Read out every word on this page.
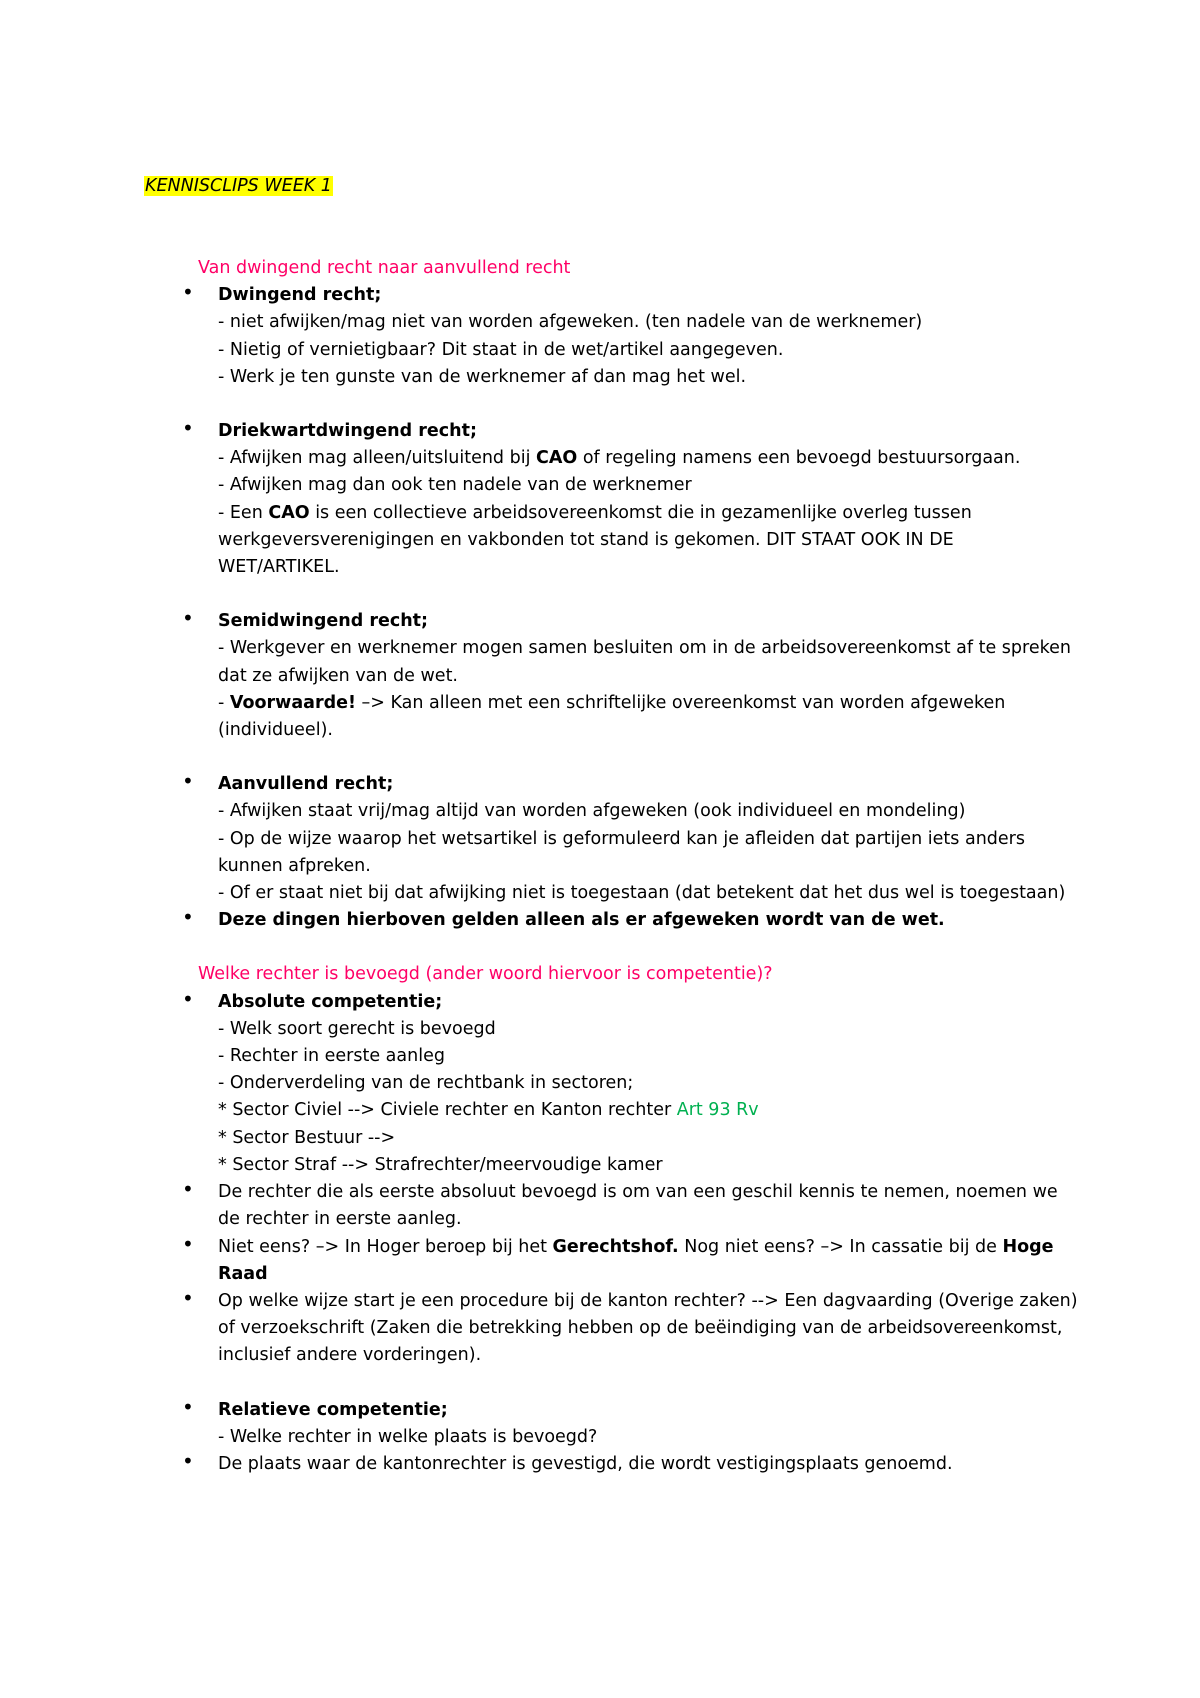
KENNISCLIPS WEEK 1

Van dwingend recht naar aanvullend recht

• Dwingend recht;

- niet afwijken/mag niet van worden afgeweken. (ten nadele van de werknemer)

- Nietig of vernietigbaar? Dit staat in de wet/artikel aangegeven.

- Werk je ten gunste van de werknemer af dan mag het wel.

• Driekwartdwingend recht;

- Afwijken mag alleen/uitsluitend bij CAO of regeling namens een bevoegd bestuursorgaan.

- Afwijken mag dan ook ten nadele van de werknemer

- Een CAO is een collectieve arbeidsovereenkomst die in gezamenlijke overleg tussen werkgeversverenigingen en vakbonden tot stand is gekomen. DIT STAAT OOK IN DE WET/ARTIKEL.

• Semidwingend recht;

- Werkgever en werknemer mogen samen besluiten om in de arbeidsovereenkomst af te spreken dat ze afwijken van de wet.

- Voorwaarde! –> Kan alleen met een schriftelijke overeenkomst van worden afgeweken (individueel).

• Aanvullend recht;

- Afwijken staat vrij/mag altijd van worden afgeweken (ook individueel en mondeling)

- Op de wijze waarop het wetsartikel is geformuleerd kan je afleiden dat partijen iets anders kunnen afpreken.

- Of er staat niet bij dat afwijking niet is toegestaan (dat betekent dat het dus wel is toegestaan)

• Deze dingen hierboven gelden alleen als er afgeweken wordt van de wet.

Welke rechter is bevoegd (ander woord hiervoor is competentie)?

• Absolute competentie;

- Welk soort gerecht is bevoegd

- Rechter in eerste aanleg

- Onderverdeling van de rechtbank in sectoren;

* Sector Civiel --> Civiele rechter en Kanton rechter Art 93 Rv

* Sector Bestuur -->

* Sector Straf --> Strafrechter/meervoudige kamer

• De rechter die als eerste absoluut bevoegd is om van een geschil kennis te nemen, noemen we de rechter in eerste aanleg.

• Niet eens? –> In Hoger beroep bij het Gerechtshof. Nog niet eens? –> In cassatie bij de Hoge Raad

• Op welke wijze start je een procedure bij de kanton rechter? --> Een dagvaarding (Overige zaken) of verzoekschrift (Zaken die betrekking hebben op de beëindiging van de arbeidsovereenkomst, inclusief andere vorderingen).

• Relatieve competentie;

- Welke rechter in welke plaats is bevoegd?

• De plaats waar de kantonrechter is gevestigd, die wordt vestigingsplaats genoemd.
